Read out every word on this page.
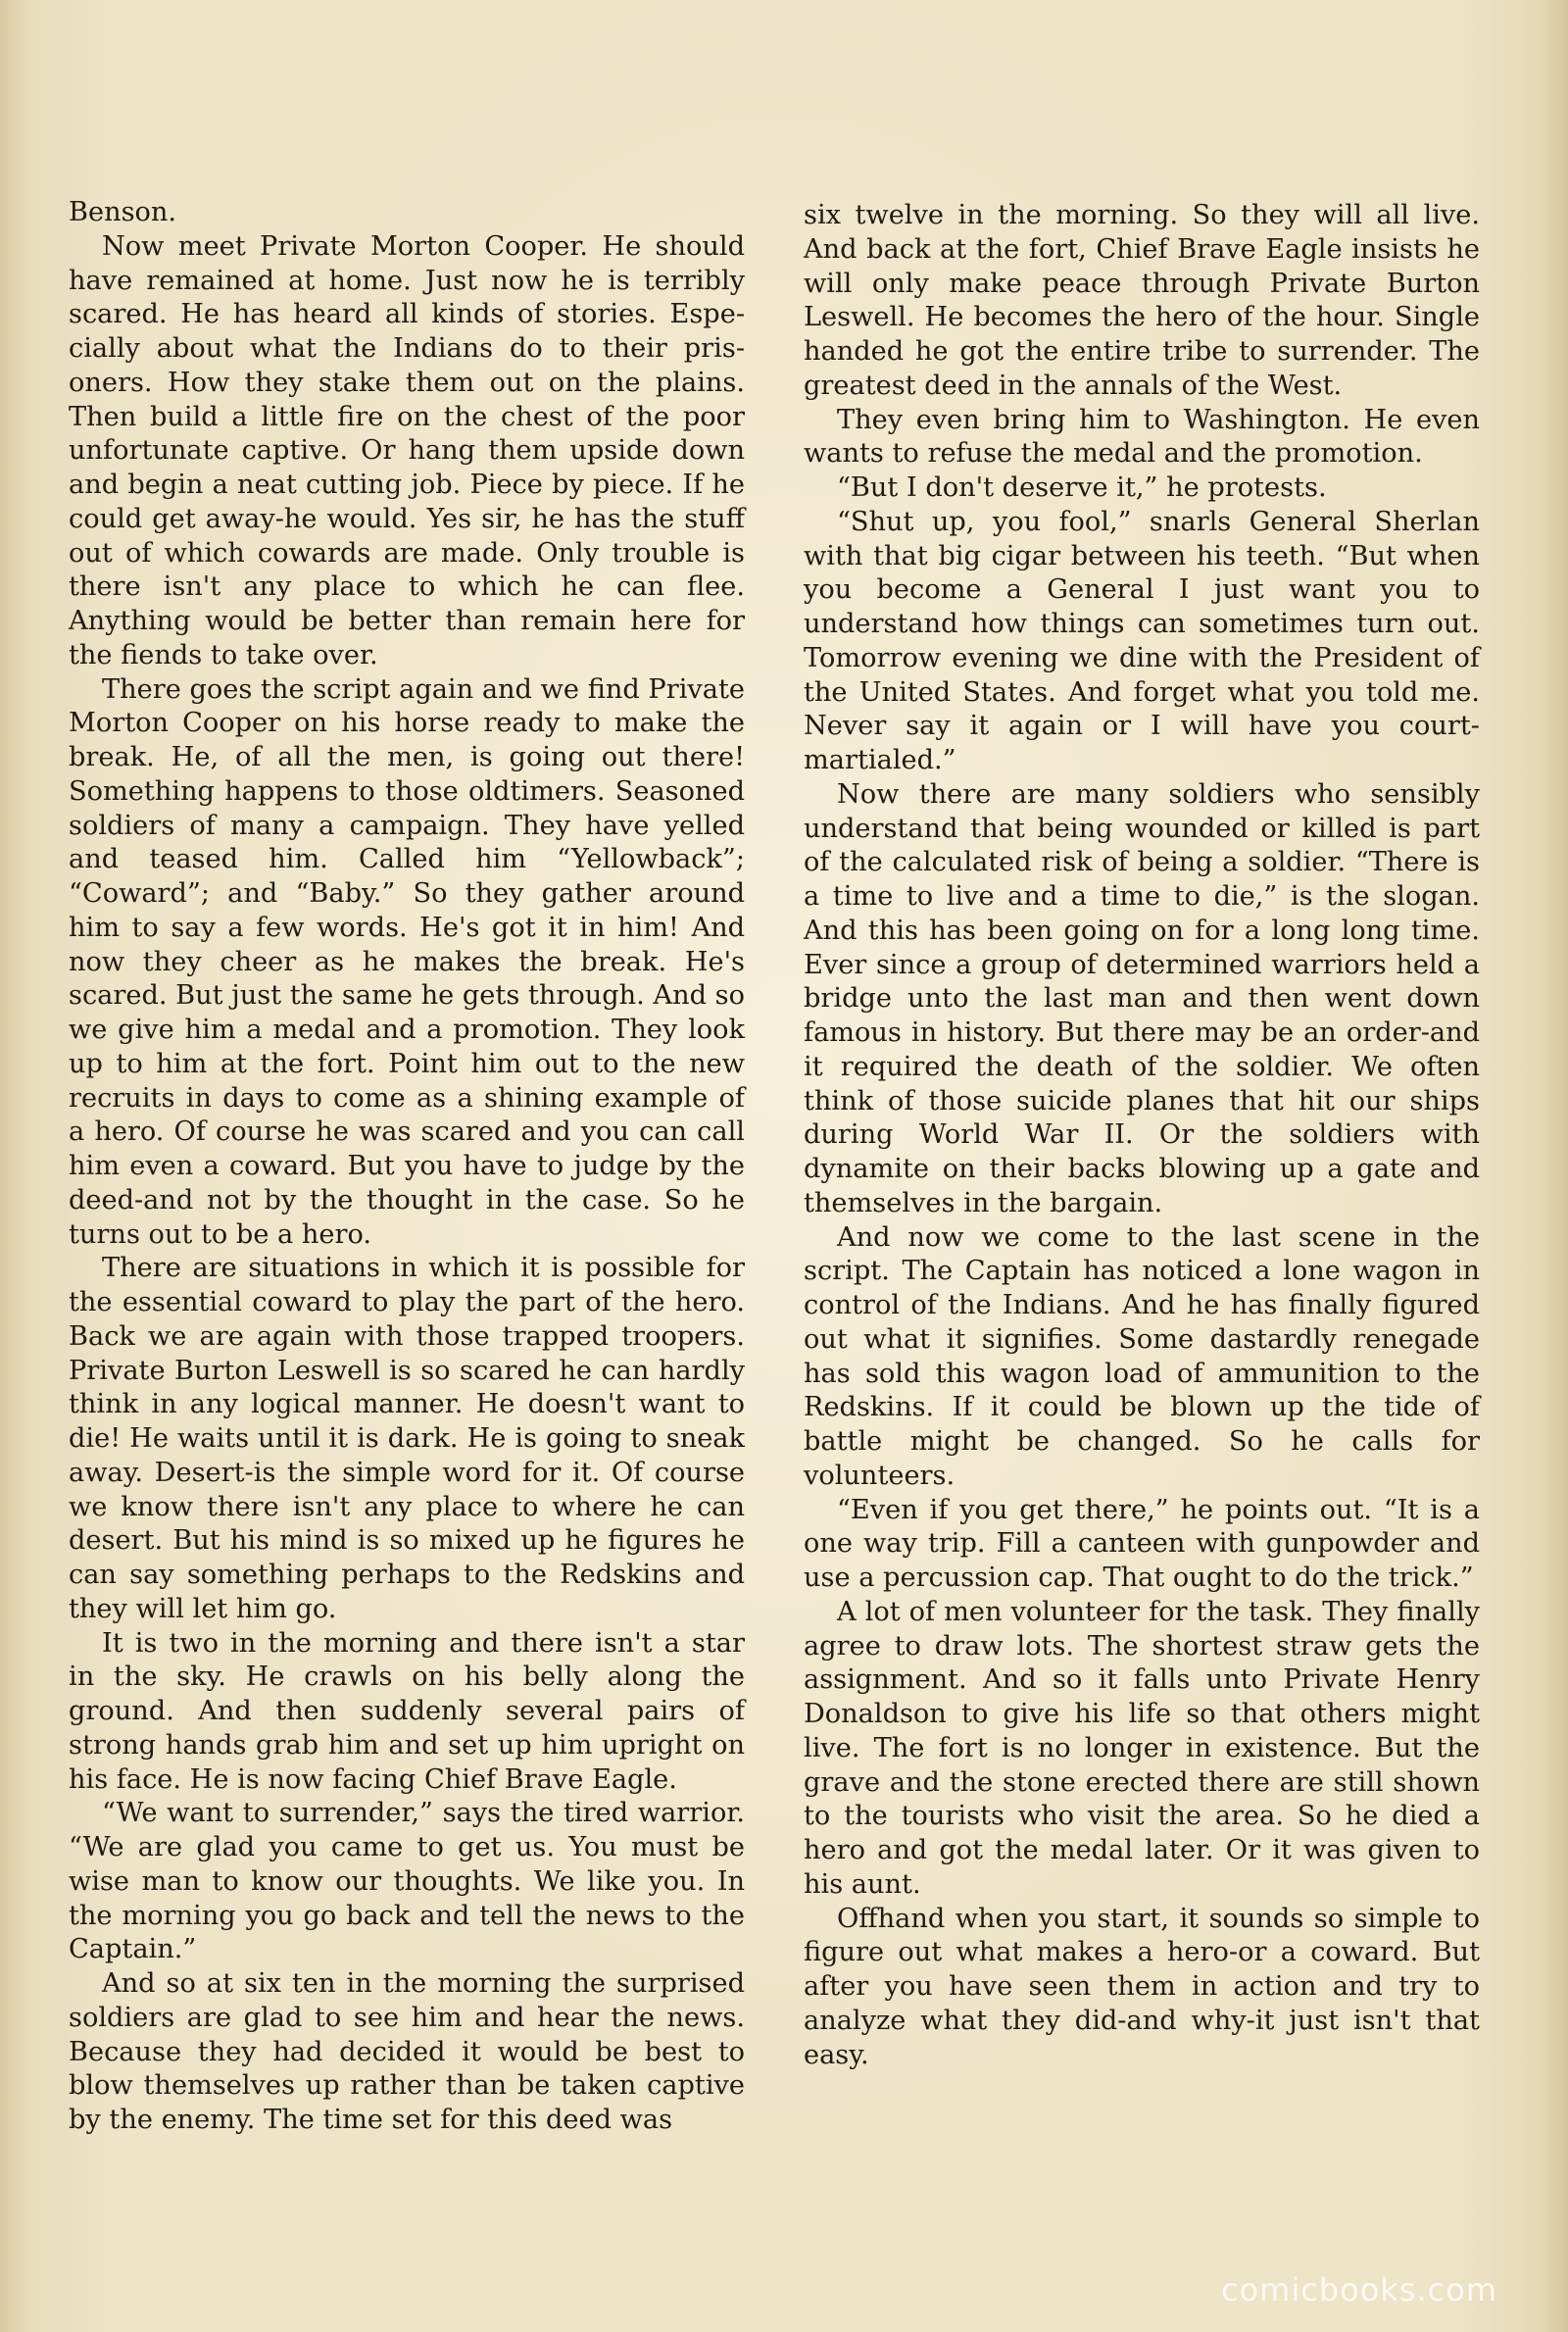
Benson.

Now meet Private Morton Cooper. He should have remained at home. Just now he is terribly scared. He has heard all kinds of stories. Especially about what the Indians do to their prisoners. How they stake them out on the plains. Then build a little fire on the chest of the poor unfortunate captive. Or hang them upside down and begin a neat cutting job. Piece by piece. If he could get away-he would. Yes sir, he has the stuff out of which cowards are made. Only trouble is there isn't any place to which he can flee. Anything would be better than remain here for the fiends to take over.

There goes the script again and we find Private Morton Cooper on his horse ready to make the break. He, of all the men, is going out there! Something happens to those oldtimers. Seasoned soldiers of many a campaign. They have yelled and teased him. Called him “Yellowback”; “Coward”; and “Baby.” So they gather around him to say a few words. He's got it in him! And now they cheer as he makes the break. He's scared. But just the same he gets through. And so we give him a medal and a promotion. They look up to him at the fort. Point him out to the new recruits in days to come as a shining example of a hero. Of course he was scared and you can call him even a coward. But you have to judge by the deed-and not by the thought in the case. So he turns out to be a hero.

There are situations in which it is possible for the essential coward to play the part of the hero. Back we are again with those trapped troopers. Private Burton Leswell is so scared he can hardly think in any logical manner. He doesn't want to die! He waits until it is dark. He is going to sneak away. Desert-is the simple word for it. Of course we know there isn't any place to where he can desert. But his mind is so mixed up he figures he can say something perhaps to the Redskins and they will let him go.

It is two in the morning and there isn't a star in the sky. He crawls on his belly along the ground. And then suddenly several pairs of strong hands grab him and set up him upright on his face. He is now facing Chief Brave Eagle.

“We want to surrender,” says the tired warrior. “We are glad you came to get us. You must be wise man to know our thoughts. We like you. In the morning you go back and tell the news to the Captain.”

And so at six ten in the morning the surprised soldiers are glad to see him and hear the news. Because they had decided it would be best to blow themselves up rather than be taken captive by the enemy. The time set for this deed was

six twelve in the morning. So they will all live. And back at the fort, Chief Brave Eagle insists he will only make peace through Private Burton Leswell. He becomes the hero of the hour. Single handed he got the entire tribe to surrender. The greatest deed in the annals of the West.

They even bring him to Washington. He even wants to refuse the medal and the promotion.

“But I don't deserve it,” he protests.

“Shut up, you fool,” snarls General Sherlan with that big cigar between his teeth. “But when you become a General I just want you to understand how things can sometimes turn out. Tomorrow evening we dine with the President of the United States. And forget what you told me. Never say it again or I will have you court-martialed.”

Now there are many soldiers who sensibly understand that being wounded or killed is part of the calculated risk of being a soldier. “There is a time to live and a time to die,” is the slogan. And this has been going on for a long long time. Ever since a group of determined warriors held a bridge unto the last man and then went down famous in history. But there may be an order-and it required the death of the soldier. We often think of those suicide planes that hit our ships during World War II. Or the soldiers with dynamite on their backs blowing up a gate and themselves in the bargain.

And now we come to the last scene in the script. The Captain has noticed a lone wagon in control of the Indians. And he has finally figured out what it signifies. Some dastardly renegade has sold this wagon load of ammunition to the Redskins. If it could be blown up the tide of battle might be changed. So he calls for volunteers.

“Even if you get there,” he points out. “It is a one way trip. Fill a canteen with gunpowder and use a percussion cap. That ought to do the trick.”

A lot of men volunteer for the task. They finally agree to draw lots. The shortest straw gets the assignment. And so it falls unto Private Henry Donaldson to give his life so that others might live. The fort is no longer in existence. But the grave and the stone erected there are still shown to the tourists who visit the area. So he died a hero and got the medal later. Or it was given to his aunt.

Offhand when you start, it sounds so simple to figure out what makes a hero-or a coward. But after you have seen them in action and try to analyze what they did-and why-it just isn't that easy.

comicbooks.com
